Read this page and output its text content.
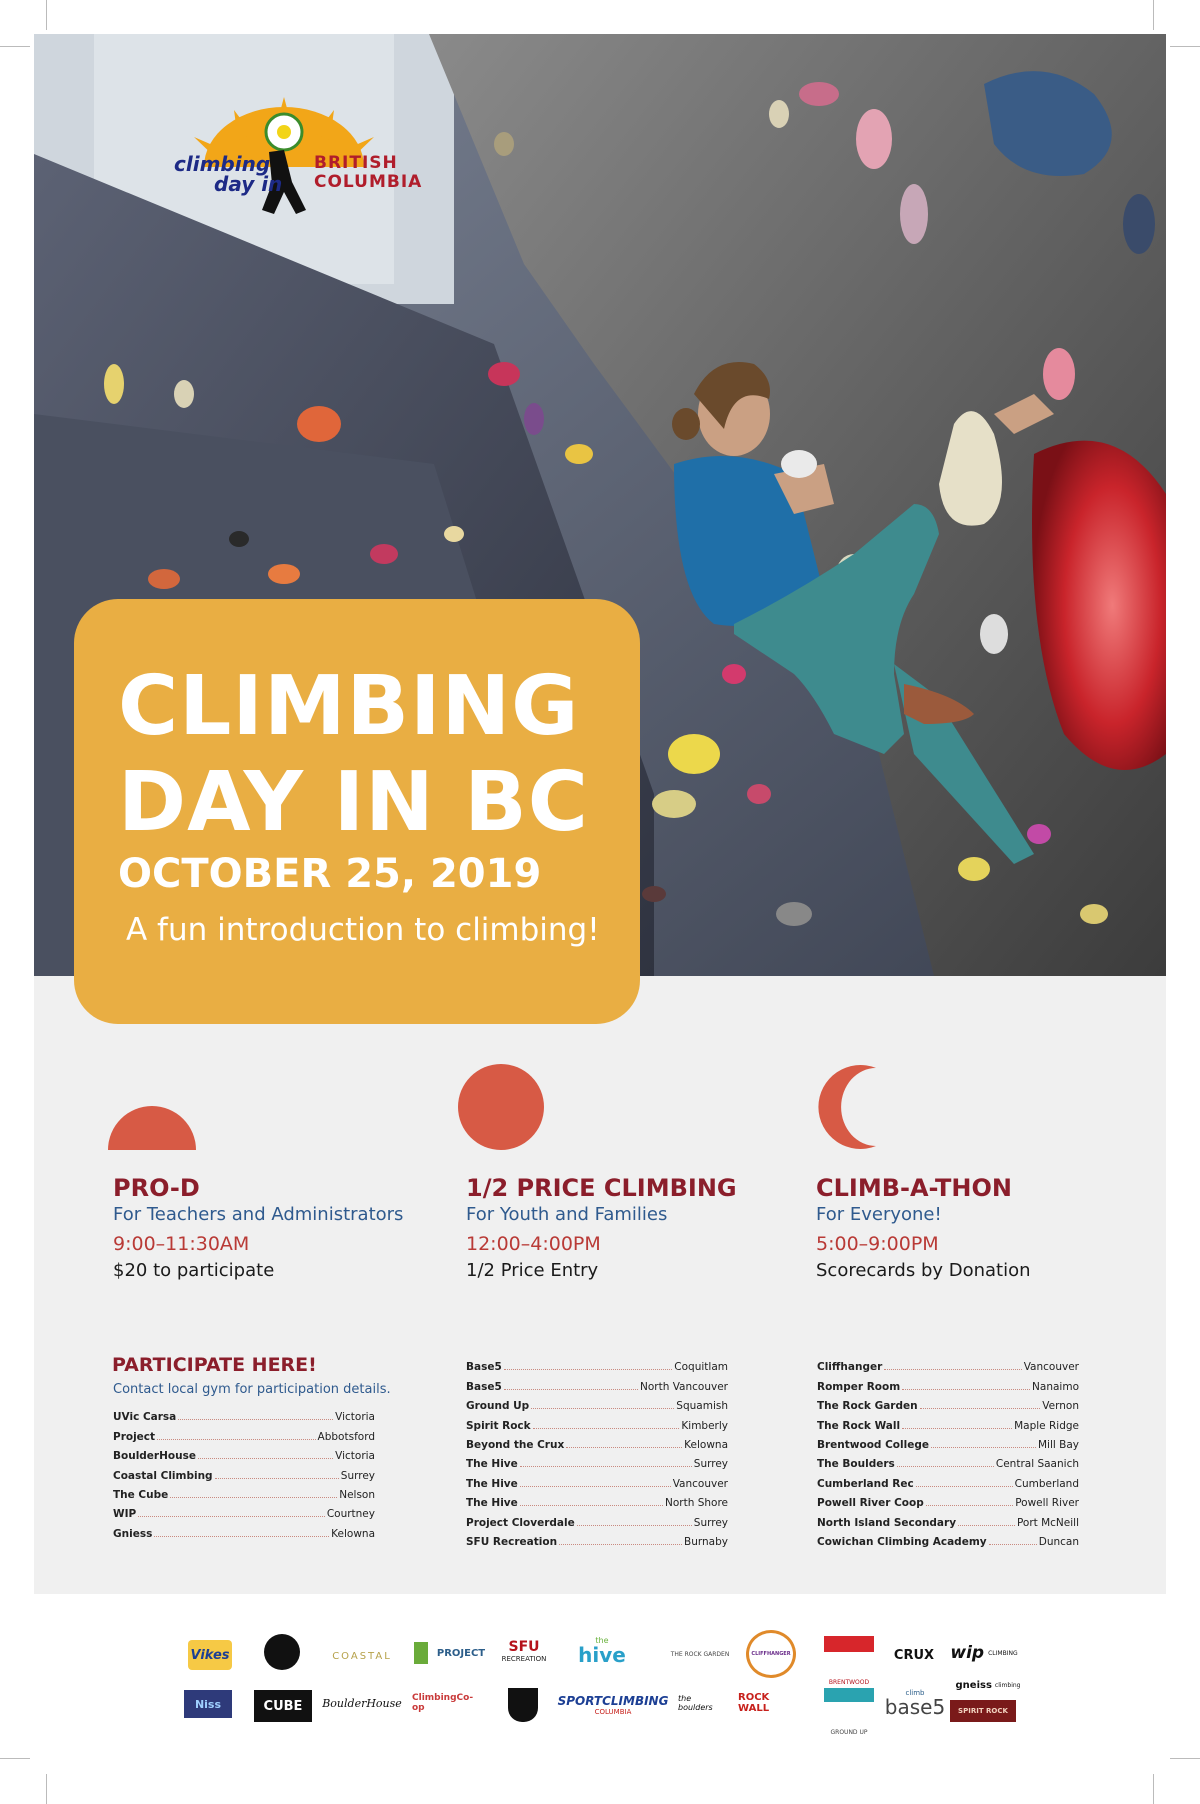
climbing
day in
BRITISH
COLUMBIA
CLIMBING
DAY IN BC
OCTOBER 25, 2019
A fun introduction to climbing!
PRO-D
For Teachers and Administrators
9:00–11:30AM
$20 to participate
1/2 PRICE CLIMBING
For Youth and Families
12:00–4:00PM
1/2 Price Entry
CLIMB-A-THON
For Everyone!
5:00–9:00PM
Scorecards by Donation
PARTICIPATE HERE!
Contact local gym for participation details.
UVic Carsa	Victoria
Project	Abbotsford
BoulderHouse	Victoria
Coastal Climbing	Surrey
The Cube	Nelson
WIP	Courtney
Gniess	Kelowna
Base5	Coquitlam
Base5	North Vancouver
Ground Up	Squamish
Spirit Rock	Kimberly
Beyond the Crux	Kelowna
The Hive	Surrey
The Hive	Vancouver
The Hive	North Shore
Project Cloverdale	Surrey
SFU Recreation	Burnaby
Cliffhanger	Vancouver
Romper Room	Nanaimo
The Rock Garden	Vernon
The Rock Wall	Maple Ridge
Brentwood College	Mill Bay
The Boulders	Central Saanich
Cumberland Rec	Cumberland
Powell River Coop	Powell River
North Island Secondary	Port McNeill
Cowichan Climbing Academy	Duncan
Vikes
Niss	CUBE
COASTAL
BoulderHouse
PROJECT
ClimbingCo-op
SFU
RECREATION
the
hive
SPORTCLIMBING
COLUMBIA
THE ROCK GARDEN
the boulders
CLIFFHANGER
ROCK WALL
BRENTWOOD
GROUND UP
CRUX
climb
base5
wip CLIMBING
gneiss climbing
SPIRIT ROCK
